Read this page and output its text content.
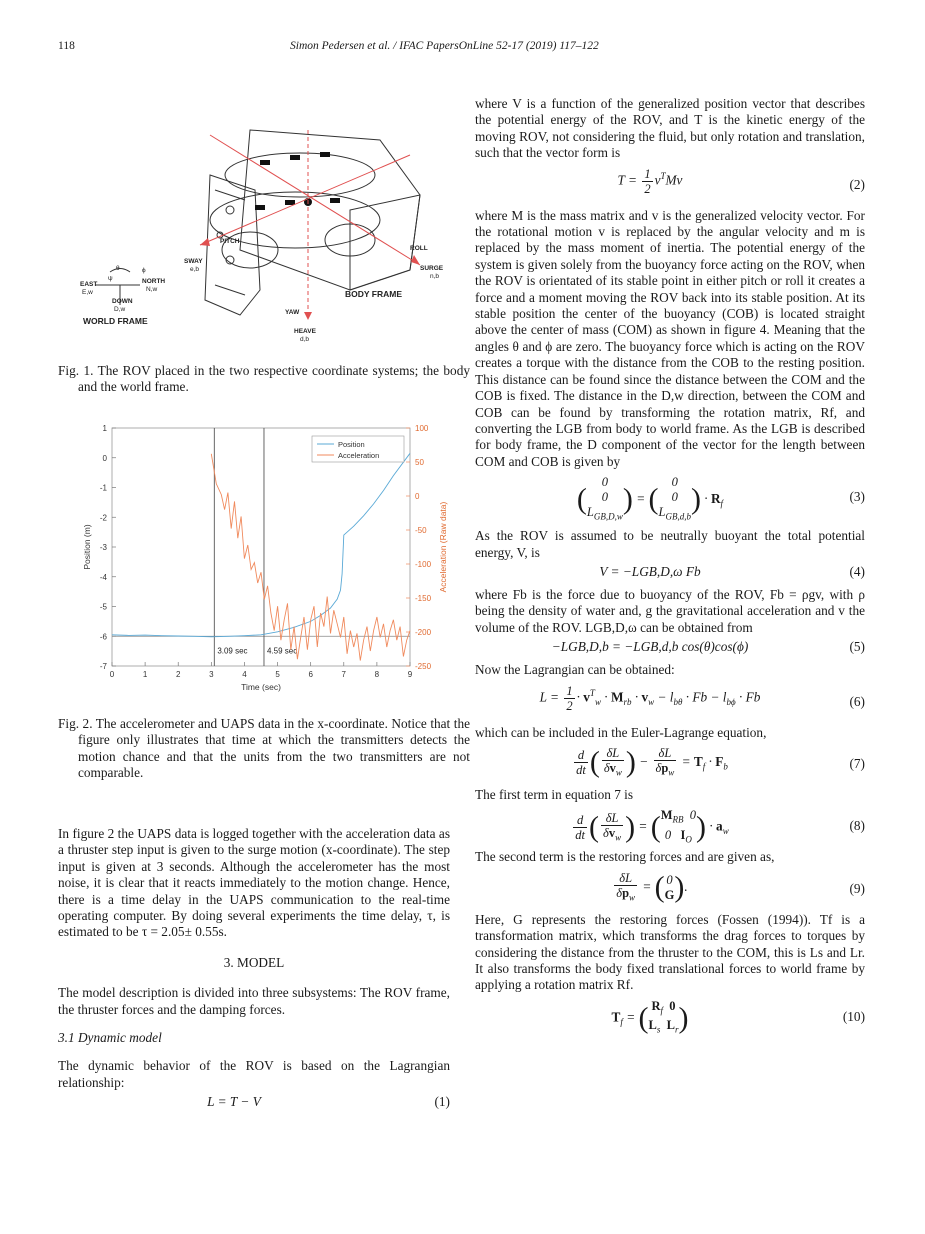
118	Simon Pedersen et al. / IFAC PapersOnLine 52-17 (2019) 117–122
PITCH
SWAY
e,b
ROLL
SURGE
n,b
YAW
HEAVE
d,b
BODY FRAME
EAST
E,w
NORTH
N,w
DOWN
D,w
WORLD FRAME
θ	ϕ
ψ
Fig. 1. The ROV placed in the two respective coordinate systems; the body and the world frame.
1
0
-1
-2
-3
-4
-5
-6
-7
100
50
0
-50
-100
-150
-200
-250
0	1	2	3	4	5	6	7	8	9
3.09 sec 4.59 sec
Position
Acceleration
Time (sec)
Position (m)	Acceleration (Raw data)
Fig. 2. The accelerometer and UAPS data in the x-coordinate. Notice that the figure only illustrates that time at which the transmitters detects the motion chance and that the units from the two transmitters are not comparable.

In figure 2 the UAPS data is logged together with the acceleration data as a thruster step input is given to the surge motion (x-coordinate). The step input is given at 3 seconds. Although the accelerometer has the most noise, it is clear that it reacts immediately to the motion change. Hence, there is a time delay in the UAPS communication to the real-time operating computer. By doing several experiments the time delay, τ, is estimated to be τ = 2.05± 0.55s.

3. MODEL

The model description is divided into three subsystems: The ROV frame, the thruster forces and the damping forces.

3.1 Dynamic model

The dynamic behavior of the ROV is based on the Lagrangian relationship:

L = T − V	(1)

where V is a function of the generalized position vector that describes the potential energy of the ROV, and T is the kinetic energy of the moving ROV, not considering the fluid, but only rotation and translation, such that the vector form is

$T = \frac{1}{2} v^TMv$	(2)

where M is the mass matrix and v is the generalized velocity vector. For the rotational motion v is replaced by the angular velocity and m is replaced by the mass moment of inertia. The potential energy of the system is given solely from the buoyancy force acting on the ROV, when the ROV is orientated of its stable point in either pitch or roll it creates a force and a moment moving the ROV back into its stable position. At its stable position the center of the buoyancy (COB) is located straight above the center of mass (COM) as shown in figure 4. Meaning that the angles θ and ϕ are zero. The buoyancy force which is acting on the ROV creates a torque with the distance from the COB to the resting position. This distance can be found since the distance between the COM and the COB is fixed. The distance in the D,w direction, between the COM and COB can be found by transforming the rotation matrix, Rf, and converting the LGB from body to world frame. As the LGB is described for body frame, the D component of the vector for the length between COM and COB is given by

(
0
0
$L_{GB,D,w}$
) = (
0
0
$L_{GB,d,b}$
) · $R_f$	(3)

As the ROV is assumed to be neutrally buoyant the total potential energy, V, is

V = −LGB,D,ω Fb	(4)

where Fb is the force due to buoyancy of the ROV, Fb = ρgv, with ρ being the density of water and, g the gravitational acceleration and v the volume of the ROV. LGB,D,ω can be obtained from

−LGB,D,b = −LGB,d,b cos(θ)cos(ϕ)	(5)

Now the Lagrangian can be obtained:

$L = \frac{1}{2} \cdot v^T_w \cdot M_{rb} \cdot v_w - l_{b\theta} \cdot Fb - l_{b\phi} \cdot Fb$	(6)

which can be included in the Euler-Lagrange equation,

$\frac{d}{dt}$ ( $\frac{\delta L}{\delta v_w}$ ) − $\frac{\delta L}{\delta p_w} = T_f \cdot F_b$	(7)

The first term in equation 7 is

$\frac{d}{dt}$ ( $\frac{\delta L}{\delta v_w}$ ) = ( $M_{RB}$  0
0   $I_O$ ) · $a_w$	(8)

The second term is the restoring forces and are given as,

$\frac{\delta L}{\delta p_w}$ = ( 0
G ).	(9)

Here, G represents the restoring forces (Fossen (1994)). Tf is a transformation matrix, which transforms the drag forces to torques by considering the distance from the thruster to the COM, this is Ls and Lr. It also transforms the body fixed translational forces to world frame by applying a rotation matrix Rf.

$T_f$ = ( $R_f$ 0
$L_s$ $L_r$ )	(10)
